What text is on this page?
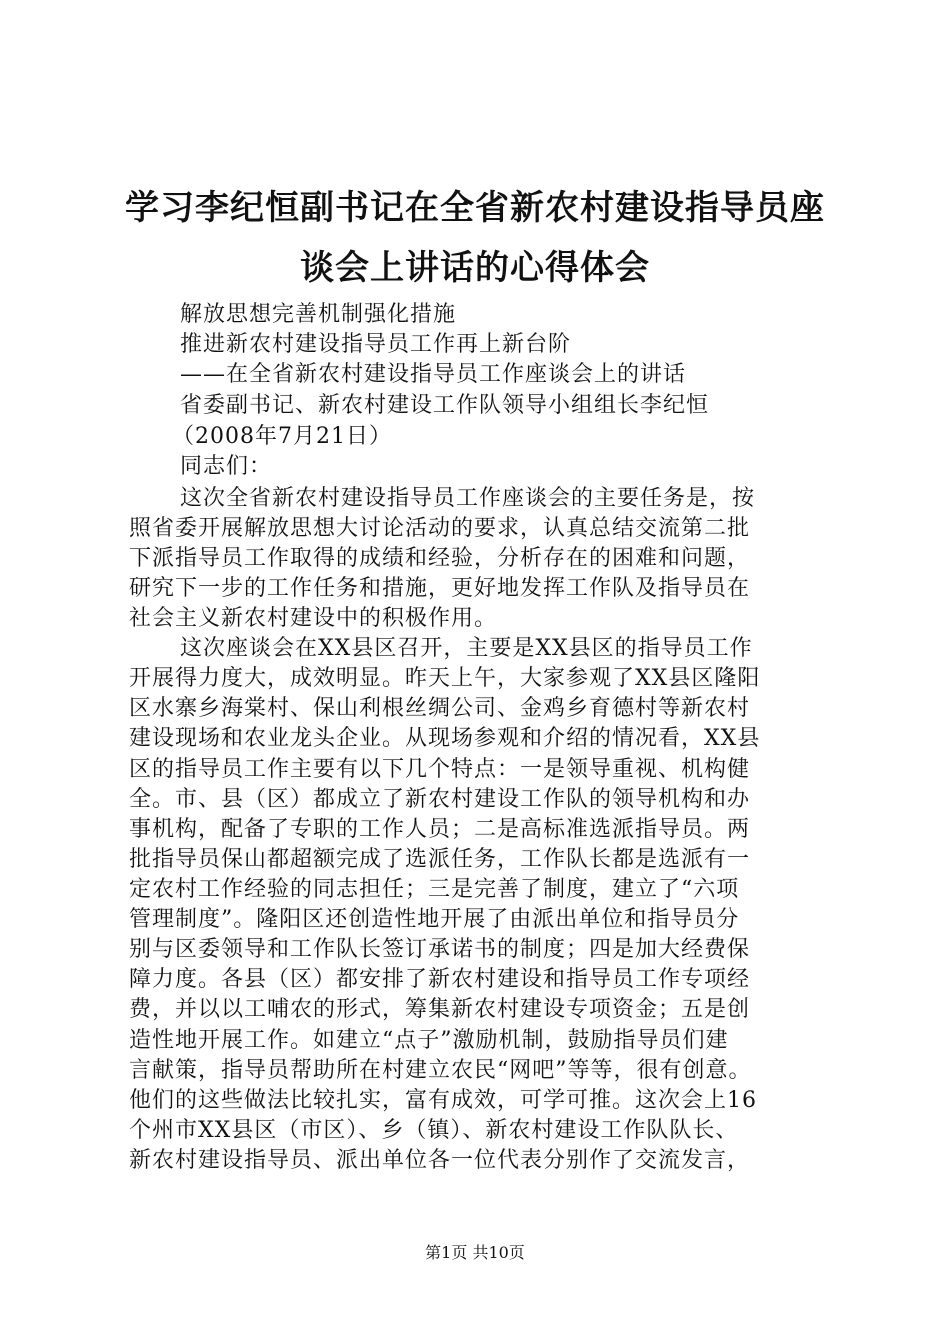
学习李纪恒副书记在全省新农村建设指导员座
谈会上讲话的心得体会
解放思想完善机制强化措施
推进新农村建设指导员工作再上新台阶
——在全省新农村建设指导员工作座谈会上的讲话
省委副书记、新农村建设工作队领导小组组长李纪恒
（2008年7月21日）
同志们：
这次全省新农村建设指导员工作座谈会的主要任务是，按
照省委开展解放思想大讨论活动的要求，认真总结交流第二批
下派指导员工作取得的成绩和经验，分析存在的困难和问题，
研究下一步的工作任务和措施，更好地发挥工作队及指导员在
社会主义新农村建设中的积极作用。
这次座谈会在XX县区召开，主要是XX县区的指导员工作
开展得力度大，成效明显。昨天上午，大家参观了XX县区隆阳
区水寨乡海棠村、保山利根丝绸公司、金鸡乡育德村等新农村
建设现场和农业龙头企业。从现场参观和介绍的情况看，XX县
区的指导员工作主要有以下几个特点：一是领导重视、机构健
全。市、县（区）都成立了新农村建设工作队的领导机构和办
事机构，配备了专职的工作人员；二是高标准选派指导员。两
批指导员保山都超额完成了选派任务，工作队长都是选派有一
定农村工作经验的同志担任；三是完善了制度，建立了“六项
管理制度”。隆阳区还创造性地开展了由派出单位和指导员分
别与区委领导和工作队长签订承诺书的制度；四是加大经费保
障力度。各县（区）都安排了新农村建设和指导员工作专项经
费，并以以工哺农的形式，筹集新农村建设专项资金；五是创
造性地开展工作。如建立“点子”激励机制，鼓励指导员们建
言献策，指导员帮助所在村建立农民“网吧”等等，很有创意。
他们的这些做法比较扎实，富有成效，可学可推。这次会上16
个州市XX县区（市区）、乡（镇）、新农村建设工作队队长、
新农村建设指导员、派出单位各一位代表分别作了交流发言，
第1页 共10页
